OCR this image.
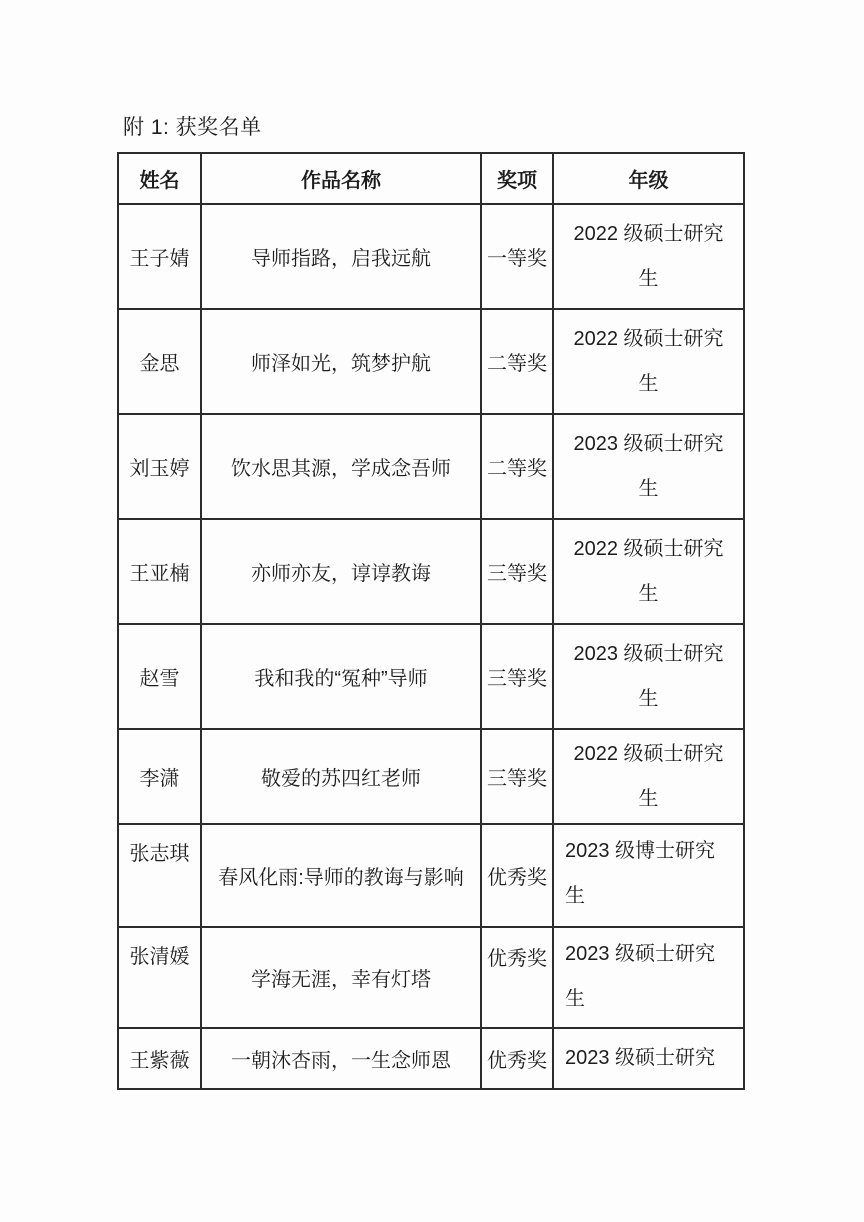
附 1: 获奖名单
姓名	作品名称	奖项	年级
王子婧	导师指路，启我远航	一等奖	2022 级硕士研究生
金思	师泽如光，筑梦护航	二等奖	2022 级硕士研究生
刘玉婷	饮水思其源，学成念吾师	二等奖	2023 级硕士研究生
王亚楠	亦师亦友，谆谆教诲	三等奖	2022 级硕士研究生
赵雪	我和我的“冤种”导师	三等奖	2023 级硕士研究生
李潇	敬爱的苏四红老师	三等奖	2022 级硕士研究生
张志琪	春风化雨:导师的教诲与影响	优秀奖	2023 级博士研究生
张清媛	学海无涯，幸有灯塔	优秀奖	2023 级硕士研究生
王紫薇	一朝沐杏雨，一生念师恩	优秀奖	2023 级硕士研究
